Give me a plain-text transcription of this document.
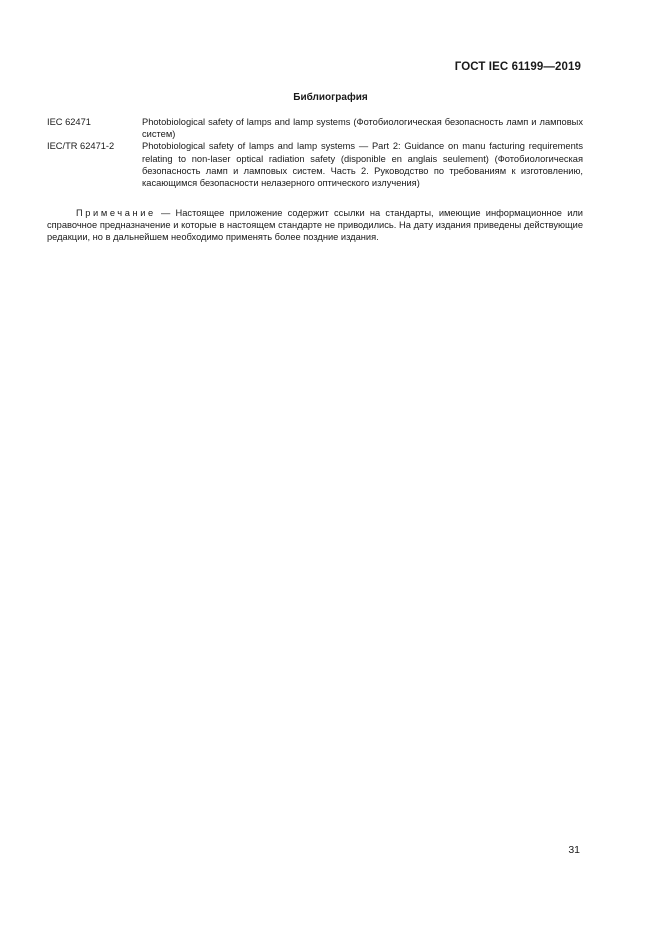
ГОСТ IEC 61199—2019
Библиография
IEC 62471	Photobiological safety of lamps and lamp systems (Фотобиологическая безопасность ламп и ламповых систем)
IEC/TR 62471-2	Photobiological safety of lamps and lamp systems — Part 2: Guidance on manu facturing requirements relating to non-laser optical radiation safety (disponible en anglais seulement) (Фотобиологическая безопасность ламп и ламповых систем. Часть 2. Руководство по требованиям к изготовлению, касающимся безопасности нелазерного оптического излучения)
Примечание — Настоящее приложение содержит ссылки на стандарты, имеющие информационное или справочное предназначение и которые в настоящем стандарте не приводились. На дату издания приведены действующие редакции, но в дальнейшем необходимо применять более поздние издания.
31
